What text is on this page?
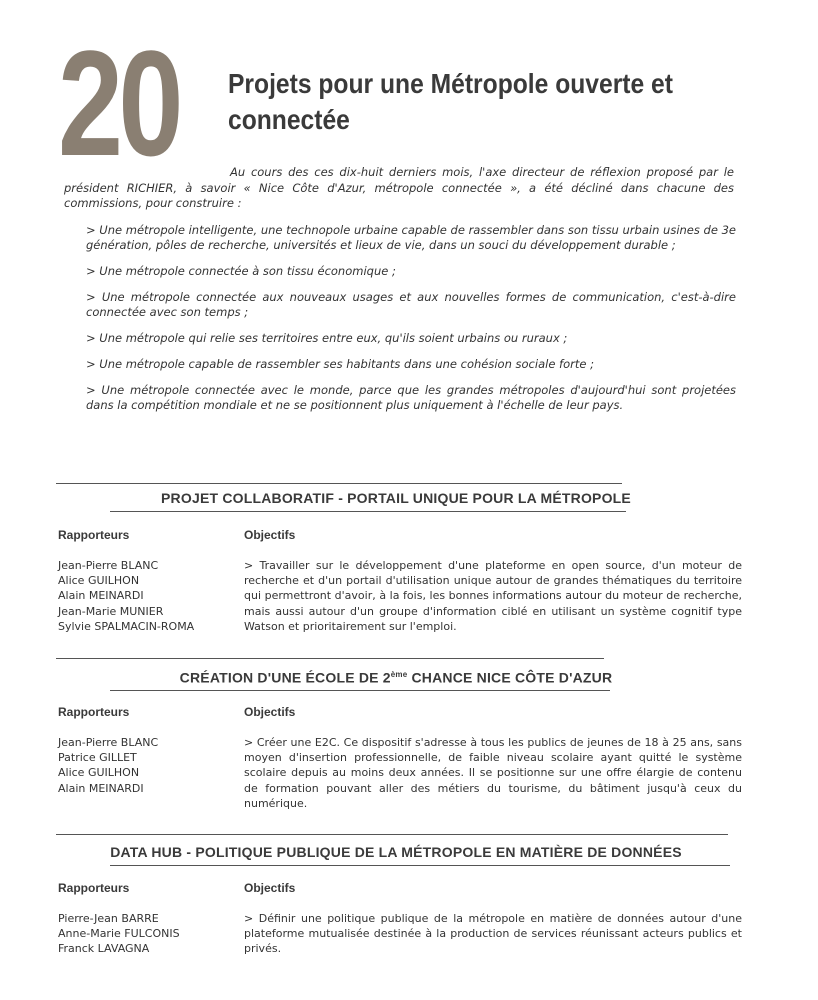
20 Projets pour une Métropole ouverte et connectée

Au cours des ces dix-huit derniers mois, l'axe directeur de réflexion proposé par le président RICHIER, à savoir « Nice Côte d'Azur, métropole connectée », a été décliné dans chacune des commissions, pour construire :

> Une métropole intelligente, une technopole urbaine capable de rassembler dans son tissu urbain usines de 3e génération, pôles de recherche, universités et lieux de vie, dans un souci du développement durable ;
> Une métropole connectée à son tissu économique ;
> Une métropole connectée aux nouveaux usages et aux nouvelles formes de communication, c'est-à-dire connectée avec son temps ;
> Une métropole qui relie ses territoires entre eux, qu'ils soient urbains ou ruraux ;
> Une métropole capable de rassembler ses habitants dans une cohésion sociale forte ;
> Une métropole connectée avec le monde, parce que les grandes métropoles d'aujourd'hui sont projetées dans la compétition mondiale et ne se positionnent plus uniquement à l'échelle de leur pays.
PROJET COLLABORATIF - PORTAIL UNIQUE POUR LA MÉTROPOLE
Rapporteurs	Objectifs
Jean-Pierre BLANC
Alice GUILHON
Alain MEINARDI
Jean-Marie MUNIER
Sylvie SPALMACIN-ROMA
> Travailler sur le développement d'une plateforme en open source, d'un moteur de recherche et d'un portail d'utilisation unique autour de grandes thématiques du territoire qui permettront d'avoir, à la fois, les bonnes informations autour du moteur de recherche, mais aussi autour d'un groupe d'information ciblé en utilisant un système cognitif type Watson et prioritairement sur l'emploi.
CRÉATION D'UNE ÉCOLE DE 2ème CHANCE NICE CÔTE D'AZUR
Rapporteurs	Objectifs
Jean-Pierre BLANC
Patrice GILLET
Alice GUILHON
Alain MEINARDI
> Créer une E2C. Ce dispositif s'adresse à tous les publics de jeunes de 18 à 25 ans, sans moyen d'insertion professionnelle, de faible niveau scolaire ayant quitté le système scolaire depuis au moins deux années. Il se positionne sur une offre élargie de contenu de formation pouvant aller des métiers du tourisme, du bâtiment jusqu'à ceux du numérique.
DATA HUB - POLITIQUE PUBLIQUE DE LA MÉTROPOLE EN MATIÈRE DE DONNÉES
Rapporteurs	Objectifs
Pierre-Jean BARRE
Anne-Marie FULCONIS
Franck LAVAGNA
> Définir une politique publique de la métropole en matière de données autour d'une plateforme mutualisée destinée à la production de services réunissant acteurs publics et privés.
